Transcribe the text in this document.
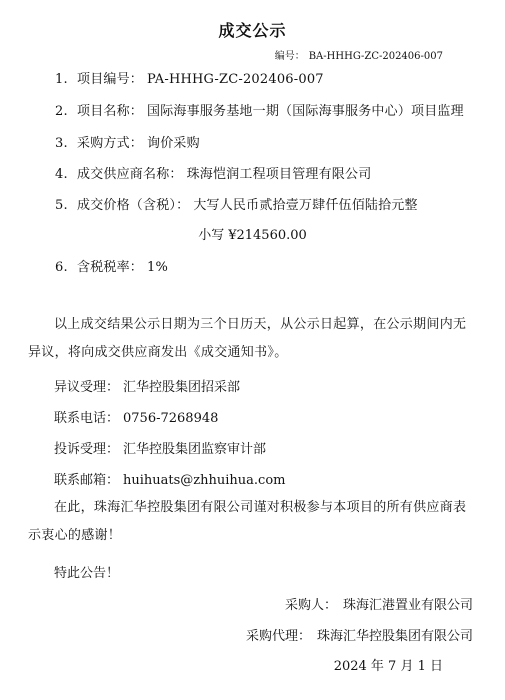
成交公示
编号： BA-HHHG-ZC-202406-007
1. 项目编号： PA-HHHG-ZC-202406-007
2. 项目名称： 国际海事服务基地一期（国际海事服务中心）项目监理
3. 采购方式： 询价采购
4. 成交供应商名称： 珠海恺润工程项目管理有限公司
5. 成交价格（含税）： 大写人民币贰拾壹万肆仟伍佰陆拾元整
小写 ¥214560.00
6. 含税税率： 1%
以上成交结果公示日期为三个日历天，从公示日起算，在公示期间内无异议，将向成交供应商发出《成交通知书》。
异议受理： 汇华控股集团招采部
联系电话： 0756-7268948
投诉受理： 汇华控股集团监察审计部
联系邮箱： huihuats@zhhuihua.com
在此，珠海汇华控股集团有限公司谨对积极参与本项目的所有供应商表示衷心的感谢！
特此公告！
采购人： 珠海汇港置业有限公司
采购代理： 珠海汇华控股集团有限公司
2024 年 7 月 1 日
